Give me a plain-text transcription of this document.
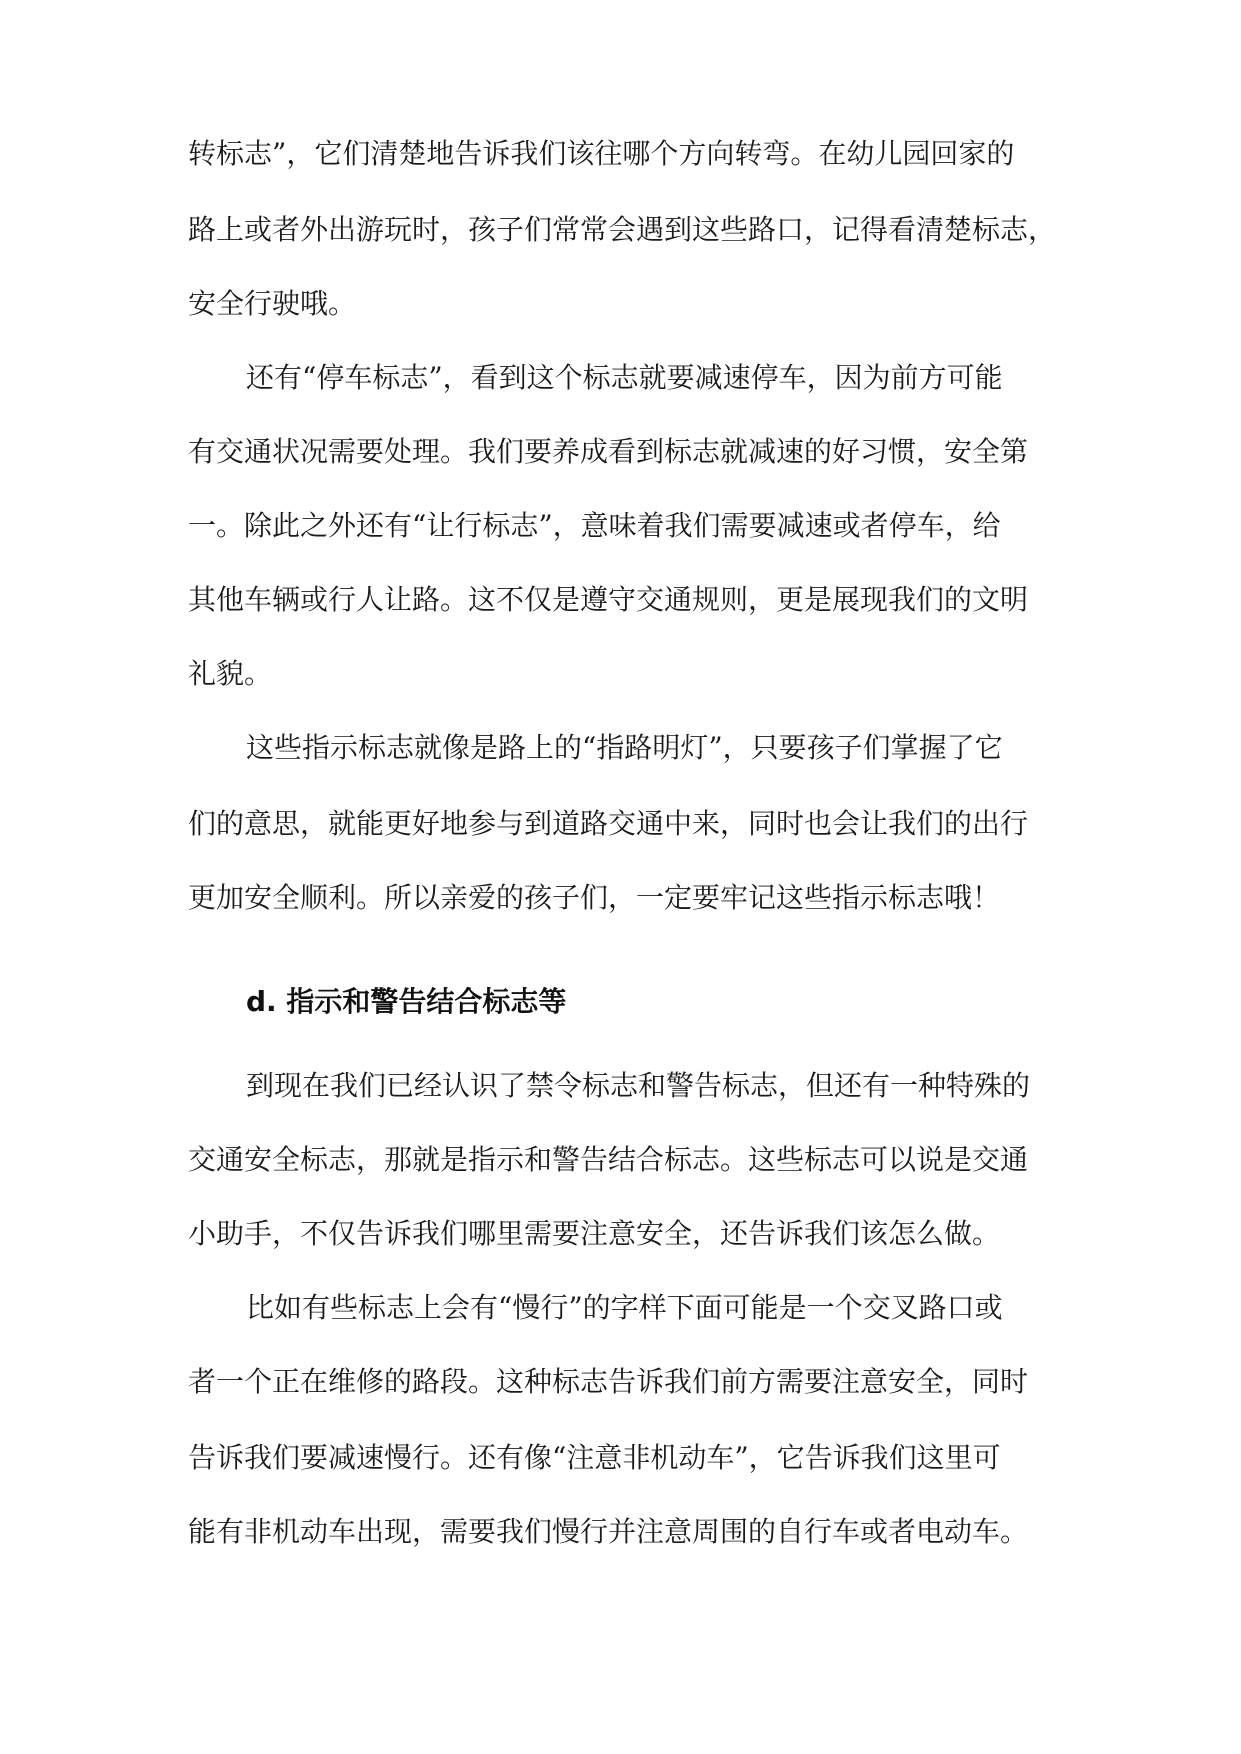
转标志”，它们清楚地告诉我们该往哪个方向转弯。在幼儿园回家的

路上或者外出游玩时，孩子们常常会遇到这些路口，记得看清楚标志，

安全行驶哦。

还有“停车标志”，看到这个标志就要减速停车，因为前方可能

有交通状况需要处理。我们要养成看到标志就减速的好习惯，安全第

一。除此之外还有“让行标志”，意味着我们需要减速或者停车，给

其他车辆或行人让路。这不仅是遵守交通规则，更是展现我们的文明

礼貌。

这些指示标志就像是路上的“指路明灯”，只要孩子们掌握了它

们的意思，就能更好地参与到道路交通中来，同时也会让我们的出行

更加安全顺利。所以亲爱的孩子们，一定要牢记这些指示标志哦！

d. 指示和警告结合标志等

到现在我们已经认识了禁令标志和警告标志，但还有一种特殊的

交通安全标志，那就是指示和警告结合标志。这些标志可以说是交通

小助手，不仅告诉我们哪里需要注意安全，还告诉我们该怎么做。

比如有些标志上会有“慢行”的字样下面可能是一个交叉路口或

者一个正在维修的路段。这种标志告诉我们前方需要注意安全，同时

告诉我们要减速慢行。还有像“注意非机动车”，它告诉我们这里可

能有非机动车出现，需要我们慢行并注意周围的自行车或者电动车。
